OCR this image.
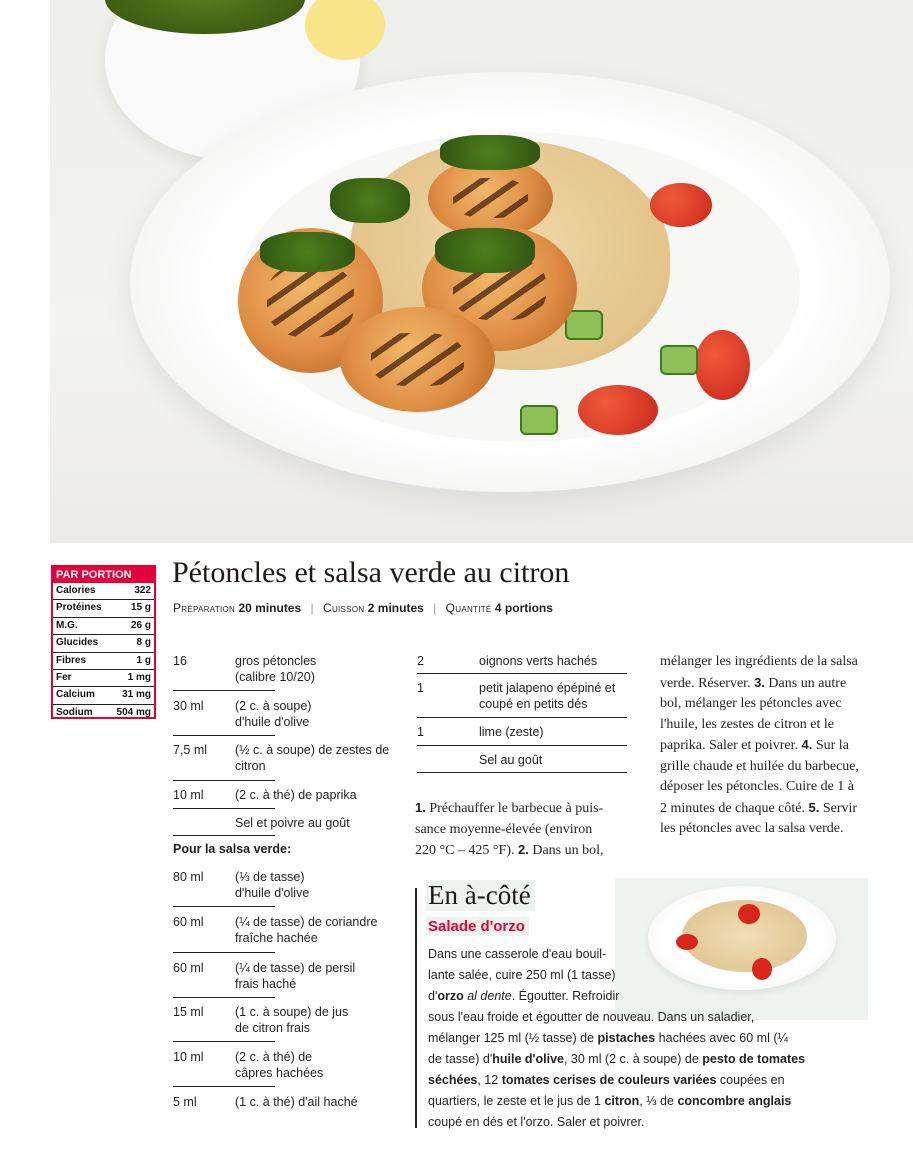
PAR PORTION
Calories	322
Protéines	15 g
M.G.	26 g
Glucides	8 g
Fibres	1 g
Fer	1 mg
Calcium	31 mg
Sodium 504 mg
Pétoncles et salsa verde au citron
Préparation 20 minutes | Cuisson 2 minutes | Quantité 4 portions
16	gros pétoncles (calibre 10/20)
30 ml	(2 c. à soupe) d'huile d'olive
7,5 ml (½ c. à soupe) de zestes de citron
10 ml	(2 c. à thé) de paprika
Sel et poivre au goût
Pour la salsa verde:
80 ml	(⅓ de tasse) d'huile d'olive
60 ml	(¼ de tasse) de coriandre fraîche hachée
60 ml	(¼ de tasse) de persil frais haché
15 ml	(1 c. à soupe) de jus de citron frais
10 ml	(2 c. à thé) de câpres hachées
5 ml	(1 c. à thé) d'ail haché
2	oignons verts hachés
1	petit jalapeno épépiné et coupé en petits dés
1	lime (zeste)
Sel au goût
1. Préchauffer le barbecue à puis-
sance moyenne-élevée (environ
220 °C – 425 °F). 2. Dans un bol,
mélanger les ingrédients de la salsa
verde. Réserver. 3. Dans un autre
bol, mélanger les pétoncles avec
l'huile, les zestes de citron et le
paprika. Saler et poivrer. 4. Sur la
grille chaude et huilée du barbecue,
déposer les pétoncles. Cuire de 1 à
2 minutes de chaque côté. 5. Servir
les pétoncles avec la salsa verde.
En à-côté
Salade d'orzo
Dans une casserole d'eau bouil-
lante salée, cuire 250 ml (1 tasse)
d'orzo al dente. Égoutter. Refroidir
sous l'eau froide et égoutter de nouveau. Dans un saladier,
mélanger 125 ml (½ tasse) de pistaches hachées avec 60 ml (¼
de tasse) d'huile d'olive, 30 ml (2 c. à soupe) de pesto de tomates
séchées, 12 tomates cerises de couleurs variées coupées en
quartiers, le zeste et le jus de 1 citron, ⅓ de concombre anglais
coupé en dés et l'orzo. Saler et poivrer.
